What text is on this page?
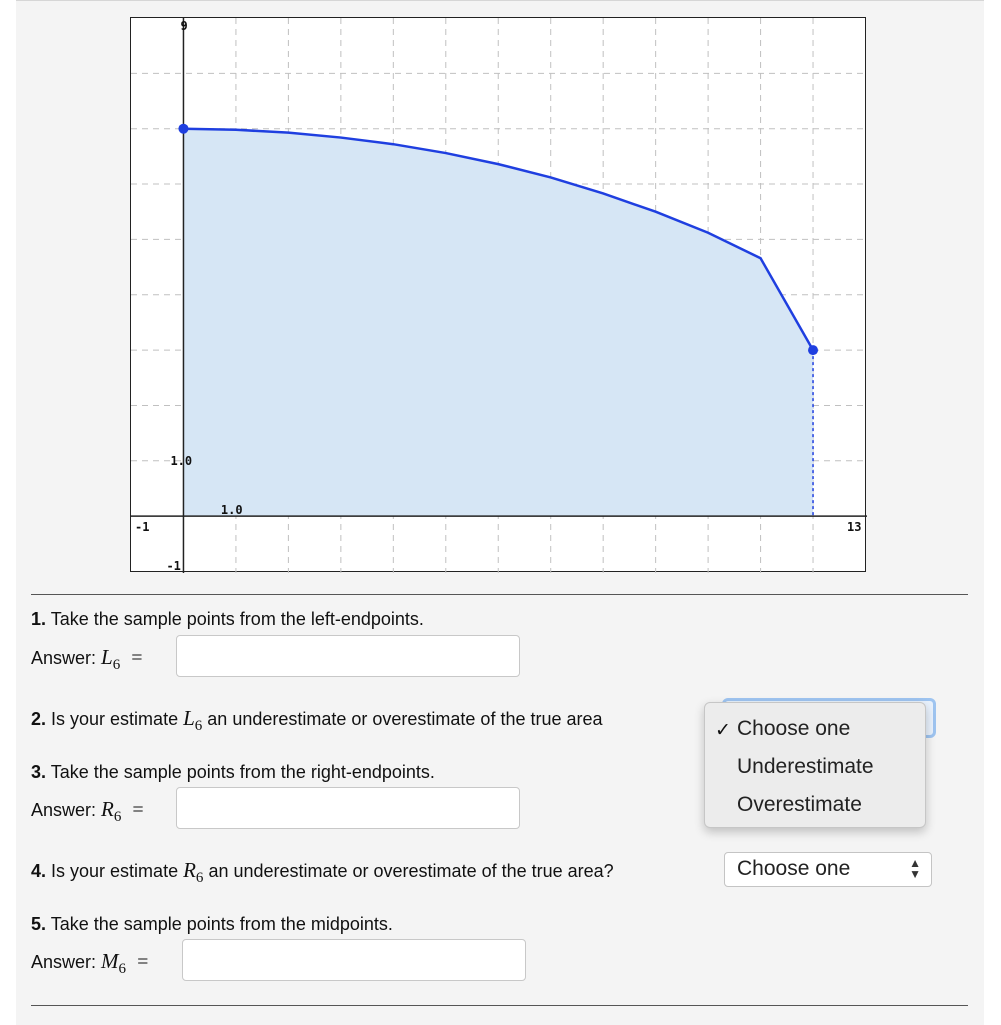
9
1.0
1.0
-1	13
-1
1. Take the sample points from the left-endpoints.
Answer: $L_6$ =
2. Is your estimate $L_6$ an underestimate or overestimate of the true area
3. Take the sample points from the right-endpoints.
Answer: $R_6$ =
4. Is your estimate $R_6$ an underestimate or overestimate of the true area?	Choose one	▲
▼
5. Take the sample points from the midpoints.
Answer: $M_6$ =
✓ Choose one
Underestimate
Overestimate
